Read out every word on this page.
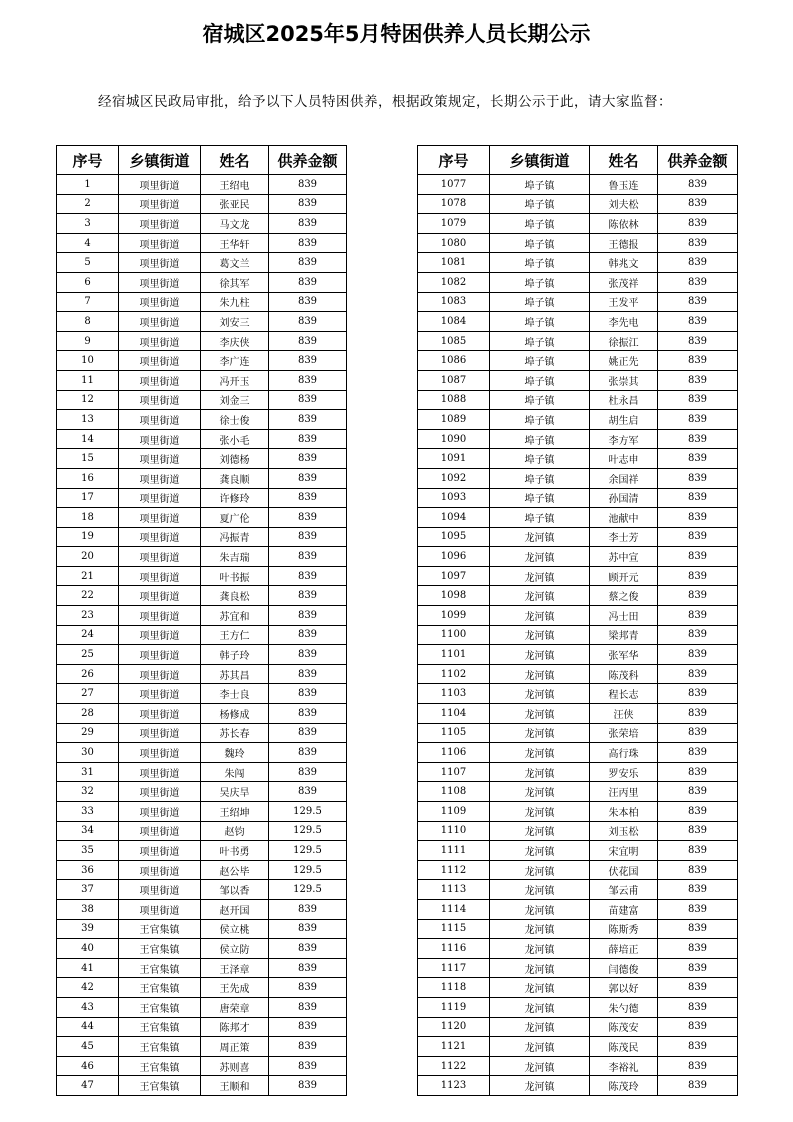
宿城区2025年5月特困供养人员长期公示
经宿城区民政局审批，给予以下人员特困供养，根据政策规定，长期公示于此，请大家监督：
序号	乡镇街道	姓名	供养金额
1	项里街道	王绍电	839
2	项里街道	张亚民	839
3	项里街道	马文龙	839
4	项里街道	王华轩	839
5	项里街道	葛文兰	839
6	项里街道	徐其军	839
7	项里街道	朱九柱	839
8	项里街道	刘安三	839
9	项里街道	李庆侠	839
10	项里街道	李广连	839
11	项里街道	冯开玉	839
12	项里街道	刘金三	839
13	项里街道	徐士俊	839
14	项里街道	张小毛	839
15	项里街道	刘德杨	839
16	项里街道	龚良顺	839
17	项里街道	许修玲	839
18	项里街道	夏广伦	839
19	项里街道	冯振青	839
20	项里街道	朱吉瑞	839
21	项里街道	叶书振	839
22	项里街道	龚良松	839
23	项里街道	苏宜和	839
24	项里街道	王方仁	839
25	项里街道	韩子玲	839
26	项里街道	苏其昌	839
27	项里街道	李士良	839
28	项里街道	杨修成	839
29	项里街道	苏长春	839
30	项里街道	魏玲	839
31	项里街道	朱闯	839
32	项里街道	吴庆旱	839
33	项里街道	王绍坤	129.5
34	项里街道	赵钧	129.5
35	项里街道	叶书勇	129.5
36	项里街道	赵公毕	129.5
37	项里街道	邹以香	129.5
38	项里街道	赵开国	839
39	王官集镇	侯立桃	839
40	王官集镇	侯立防	839
41	王官集镇	王泽章	839
42	王官集镇	王先成	839
43	王官集镇	唐荣章	839
44	王官集镇	陈邦才	839
45	王官集镇	周正策	839
46	王官集镇	苏则喜	839
47	王官集镇	王顺和	839
序号	乡镇街道	姓名	供养金额
1077	埠子镇	鲁玉连	839
1078	埠子镇	刘夫松	839
1079	埠子镇	陈依林	839
1080	埠子镇	王德报	839
1081	埠子镇	韩兆文	839
1082	埠子镇	张茂祥	839
1083	埠子镇	王发平	839
1084	埠子镇	李先电	839
1085	埠子镇	徐振江	839
1086	埠子镇	姚正先	839
1087	埠子镇	张崇其	839
1088	埠子镇	杜永昌	839
1089	埠子镇	胡生启	839
1090	埠子镇	李方军	839
1091	埠子镇	叶志申	839
1092	埠子镇	余国祥	839
1093	埠子镇	孙国清	839
1094	埠子镇	池献中	839
1095	龙河镇	李士芳	839
1096	龙河镇	苏中宣	839
1097	龙河镇	顾开元	839
1098	龙河镇	蔡之俊	839
1099	龙河镇	冯士田	839
1100	龙河镇	梁邦青	839
1101	龙河镇	张军华	839
1102	龙河镇	陈茂科	839
1103	龙河镇	程长志	839
1104	龙河镇	汪侠	839
1105	龙河镇	张荣培	839
1106	龙河镇	高行珠	839
1107	龙河镇	罗安乐	839
1108	龙河镇	汪丙里	839
1109	龙河镇	朱本柏	839
1110	龙河镇	刘玉松	839
1111	龙河镇	宋宜明	839
1112	龙河镇	伏花国	839
1113	龙河镇	邹云甫	839
1114	龙河镇	苗建富	839
1115	龙河镇	陈斯秀	839
1116	龙河镇	薛培正	839
1117	龙河镇	闫德俊	839
1118	龙河镇	郭以好	839
1119	龙河镇	朱勺德	839
1120	龙河镇	陈茂安	839
1121	龙河镇	陈茂民	839
1122	龙河镇	李裕礼	839
1123	龙河镇	陈茂玲	839
